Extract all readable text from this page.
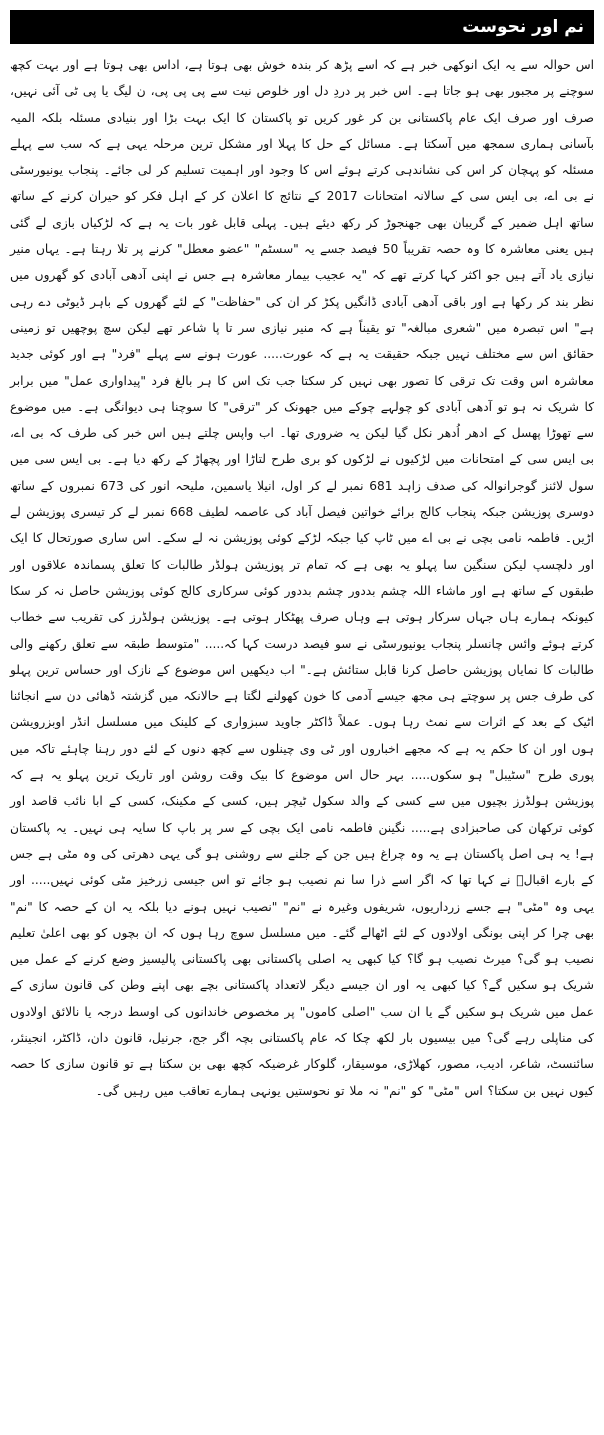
نم اور نحوست

اس حوالہ سے یہ ایک انوکھی خبر ہے کہ اسے پڑھ کر بندہ خوش بھی ہوتا ہے، اداس بھی ہوتا ہے اور بہت کچھ سوچنے پر مجبور بھی ہو جاتا ہے۔ اس خبر پر دردِ دل اور خلوص نیت سے پی پی پی، ن لیگ یا پی ٹی آئی نہیں، صرف اور صرف ایک عام پاکستانی بن کر غور کریں تو پاکستان کا ایک بہت بڑا اور بنیادی مسئلہ بلکہ المیہ بآسانی ہماری سمجھ میں آسکتا ہے۔ مسائل کے حل کا پہلا اور مشکل ترین مرحلہ یہی ہے کہ سب سے پہلے مسئلہ کو پہچان کر اس کی نشاندہی کرتے ہوئے اس کا وجود اور اہمیت تسلیم کر لی جائے۔ پنجاب یونیورسٹی نے بی اے، بی ایس سی کے سالانہ امتحانات 2017 کے نتائج کا اعلان کر کے اہل فکر کو حیران کرنے کے ساتھ ساتھ اہل ضمیر کے گریبان بھی جھنجوڑ کر رکھ دیئے ہیں۔ پہلی قابل غور بات یہ ہے کہ لڑکیاں بازی لے گئی ہیں یعنی معاشرہ کا وہ حصہ تقریباً 50 فیصد جسے یہ "سسٹم" "عضو معطل" کرنے پر تلا رہتا ہے۔ یہاں منیر نیازی یاد آتے ہیں جو اکثر کہا کرتے تھے کہ "یہ عجیب بیمار معاشرہ ہے جس نے اپنی آدھی آبادی کو گھروں میں نظر بند کر رکھا ہے اور باقی آدھی آبادی ڈانگیں پکڑ کر ان کی "حفاظت" کے لئے گھروں کے باہر ڈیوٹی دے رہی ہے" اس تبصرہ میں "شعری مبالغہ" تو یقیناً ہے کہ منیر نیازی سر تا پا شاعر تھے لیکن سچ پوچھیں تو زمینی حقائق اس سے مختلف نہیں جبکہ حقیقت یہ ہے کہ عورت..... عورت ہونے سے پہلے "فرد" ہے اور کوئی جدید معاشرہ اس وقت تک ترقی کا تصور بھی نہیں کر سکتا جب تک اس کا ہر بالغ فرد "پیداواری عمل" میں برابر کا شریک نہ ہو تو آدھی آبادی کو چولہے چوکے میں جھونک کر "ترقی" کا سوچنا ہی دیوانگی ہے۔ میں موضوع سے تھوڑا پھسل کے ادھر اُدھر نکل گیا لیکن یہ ضروری تھا۔ اب واپس چلتے ہیں اس خبر کی طرف کہ بی اے، بی ایس سی کے امتحانات میں لڑکیوں نے لڑکوں کو بری طرح لتاڑا اور پچھاڑ کے رکھ دیا ہے۔ بی ایس سی میں سول لائنز گوجرانوالہ کی صدف زاہد 681 نمبر لے کر اول، انیلا یاسمین، ملیحہ انور کی 673 نمبروں کے ساتھ دوسری پوزیشن جبکہ پنجاب کالج برائے خواتین فیصل آباد کی عاصمہ لطیف 668 نمبر لے کر تیسری پوزیشن لے اڑیں۔ فاطمہ نامی بچی نے بی اے میں ٹاپ کیا جبکہ لڑکے کوئی پوزیشن نہ لے سکے۔ اس ساری صورتحال کا ایک اور دلچسپ لیکن سنگین سا پہلو یہ بھی ہے کہ تمام تر پوزیشن ہولڈر طالبات کا تعلق پسماندہ علاقوں اور طبقوں کے ساتھ ہے اور ماشاء اللہ چشم بددور چشم بددور کوئی سرکاری کالج کوئی پوزیشن حاصل نہ کر سکا کیونکہ ہمارے ہاں جہاں سرکار ہوتی ہے وہاں صرف پھٹکار ہوتی ہے۔ پوزیشن ہولڈرز کی تقریب سے خطاب کرتے ہوئے وائس چانسلر پنجاب یونیورسٹی نے سو فیصد درست کہا کہ..... "متوسط طبقہ سے تعلق رکھنے والی طالبات کا نمایاں پوزیشن حاصل کرنا قابل ستائش ہے۔" اب دیکھیں اس موضوع کے نازک اور حساس ترین پہلو کی طرف جس پر سوچتے ہی مجھ جیسے آدمی کا خون کھولنے لگتا ہے حالانکہ میں گزشتہ ڈھائی دن سے انجائنا اٹیک کے بعد کے اثرات سے نمٹ رہا ہوں۔ عملاً ڈاکٹر جاوید سبزواری کے کلینک میں مسلسل انڈر اوبزرویشن ہوں اور ان کا حکم یہ ہے کہ مجھے اخباروں اور ٹی وی چینلوں سے کچھ دنوں کے لئے دور رہنا چاہئے تاکہ میں پوری طرح "سٹیبل" ہو سکوں..... بہر حال اس موضوع کا بیک وقت روشن اور تاریک ترین پہلو یہ ہے کہ پوزیشن ہولڈرز بچیوں میں سے کسی کے والد سکول ٹیچر ہیں، کسی کے مکینک، کسی کے ابا نائب قاصد اور کوئی ترکھان کی صاحبزادی ہے..... نگینن فاطمہ نامی ایک بچی کے سر پر باپ کا سایہ ہی نہیں۔ یہ پاکستان ہے! یہ ہی اصل پاکستان ہے یہ وہ چراغ ہیں جن کے جلنے سے روشنی ہو گی یہی دھرتی کی وہ مٹی ہے جس کے بارے اقبالؒ نے کہا تھا کہ اگر اسے ذرا سا نم نصیب ہو جائے تو اس جیسی زرخیز مٹی کوئی نہیں..... اور یہی وہ "مٹی" ہے جسے زرداریوں، شریفوں وغیرہ نے "نم" "نصیب نہیں ہونے دیا بلکہ یہ ان کے حصہ کا "نم" بھی چرا کر اپنی بونگی اولادوں کے لئے اٹھالے گئے۔ میں مسلسل سوچ رہا ہوں کہ ان بچوں کو بھی اعلیٰ تعلیم نصیب ہو گی؟ میرٹ نصیب ہو گا؟ کیا کبھی یہ اصلی پاکستانی بھی پاکستانی پالیسیز وضع کرنے کے عمل میں شریک ہو سکیں گے؟ کیا کبھی یہ اور ان جیسے دیگر لاتعداد پاکستانی بچے بھی اپنے وطن کی قانون سازی کے عمل میں شریک ہو سکیں گے یا ان سب "اصلی کاموں" پر مخصوص خاندانوں کی اوسط درجہ یا نالائق اولادوں کی مناپلی رہے گی؟ میں بیسیوں بار لکھ چکا کہ عام پاکستانی بچہ اگر جج، جرنیل، قانون دان، ڈاکٹر، انجینئر، سائنسٹ، شاعر، ادیب، مصور، کھلاڑی، موسیقار، گلوکار غرضیکہ کچھ بھی بن سکتا ہے تو قانون سازی کا حصہ کیوں نہیں بن سکتا؟ اس "مٹی" کو "نم" نہ ملا تو نحوستیں یونہی ہمارے تعاقب میں رہیں گی۔
